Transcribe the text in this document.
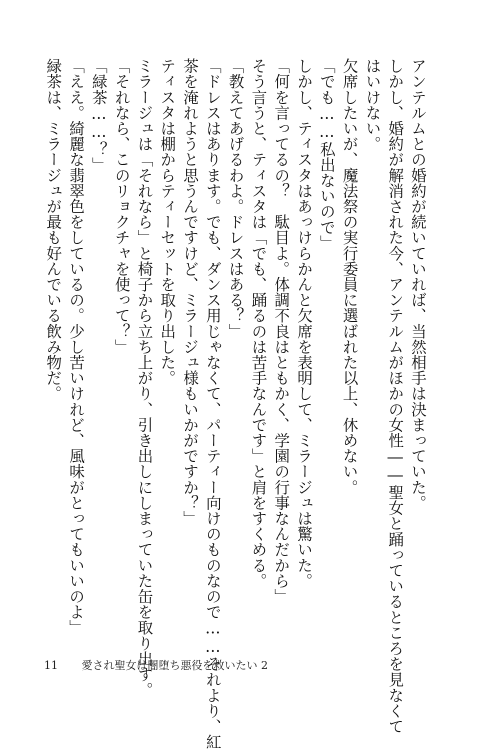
アンテルムとの婚約が続いていれば、当然相手は決まっていた。
しかし、婚約が解消された今、アンテルムがほかの女性――聖女と踊っているところを見なくて
はいけない。
欠席したいが、魔法祭の実行委員に選ばれた以上、休めない。
「でも……私出ないので」
しかし、ティスタはあっけらかんと欠席を表明して、ミラージュは驚いた。
「何を言ってるの？　駄目よ。体調不良はともかく、学園の行事なんだから」
そう言うと、ティスタは「でも、踊るのは苦手なんです」と肩をすくめる。
「教えてあげるわよ。ドレスはある？」
「ドレスはあります。でも、ダンス用じゃなくて、パーティー向けのものなので……それより、紅
茶を淹れようと思うんですけど、ミラージュ様もいかがですか？」
ティスタは棚からティーセットを取り出した。
ミラージュは「それなら」と椅子から立ち上がり、引き出しにしまっていた缶を取り出す。
「それなら、このリョクチャを使って？」
「緑茶……？」
「ええ。綺麗な翡翠色をしているの。少し苦いけれど、風味がとってもいいのよ」
緑茶は、ミラージュが最も好んでいる飲み物だ。
11 愛され聖女は闇堕ち悪役を救いたい 2
